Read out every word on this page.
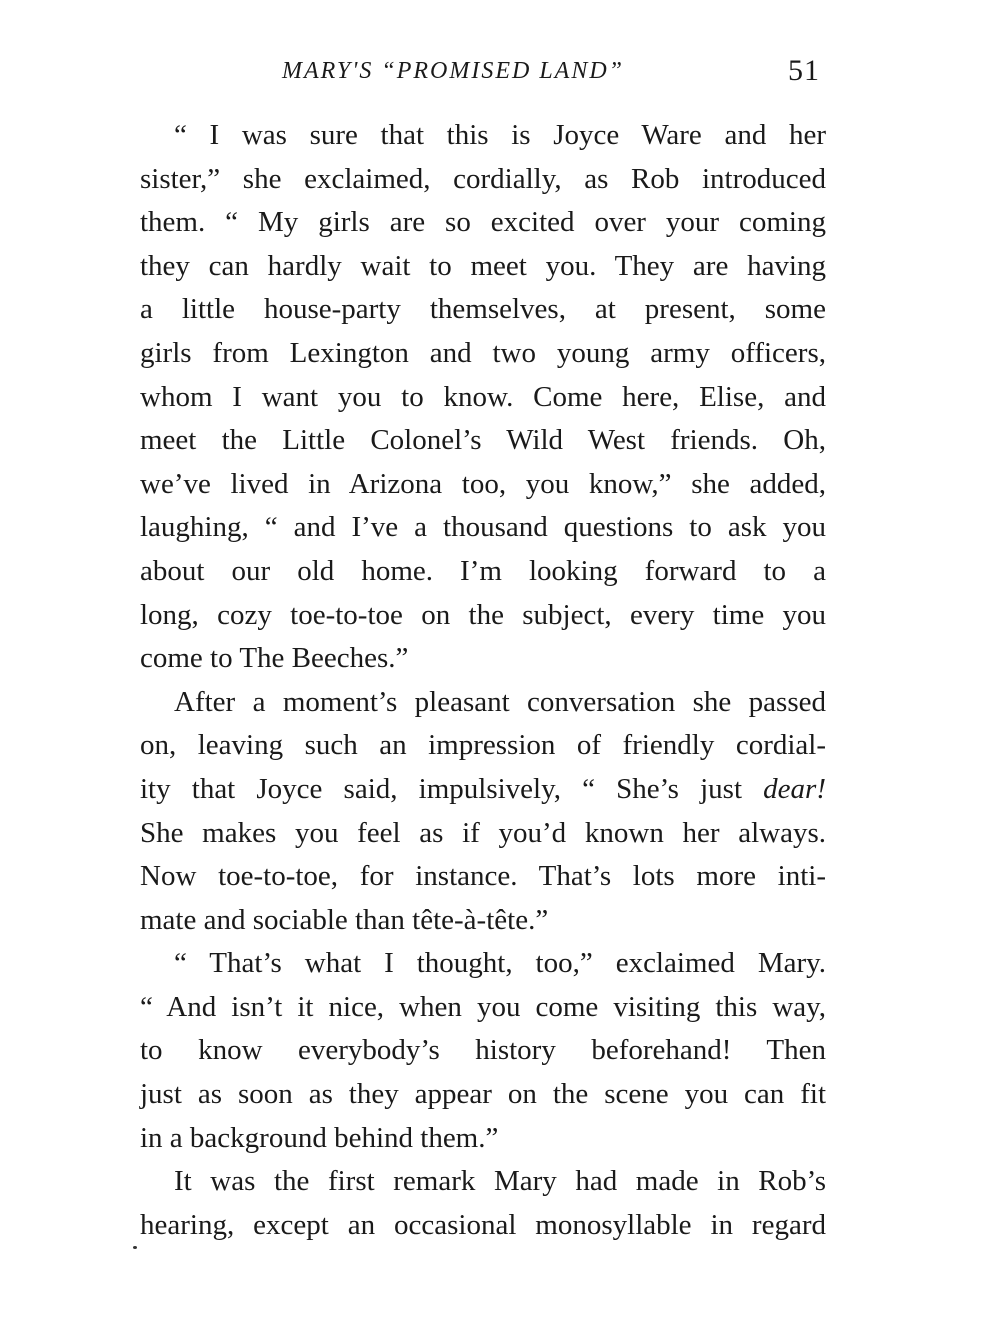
MARY'S “PROMISED LAND”	51
“ I was sure that this is Joyce Ware and her
sister,” she exclaimed, cordially, as Rob introduced
them. “ My girls are so excited over your coming
they can hardly wait to meet you. They are having
a little house-party themselves, at present, some
girls from Lexington and two young army officers,
whom I want you to know. Come here, Elise, and
meet the Little Colonel’s Wild West friends. Oh,
we’ve lived in Arizona too, you know,” she added,
laughing, “ and I’ve a thousand questions to ask you
about our old home. I’m looking forward to a
long, cozy toe-to-toe on the subject, every time you
come to The Beeches.”
After a moment’s pleasant conversation she passed
on, leaving such an impression of friendly cordial-
ity that Joyce said, impulsively, “ She’s just dear!
She makes you feel as if you’d known her always.
Now toe-to-toe, for instance. That’s lots more inti-
mate and sociable than tête-à-tête.”
“ That’s what I thought, too,” exclaimed Mary.
“ And isn’t it nice, when you come visiting this way,
to know everybody’s history beforehand! Then
just as soon as they appear on the scene you can fit
in a background behind them.”
It was the first remark Mary had made in Rob’s
hearing, except an occasional monosyllable in regard
